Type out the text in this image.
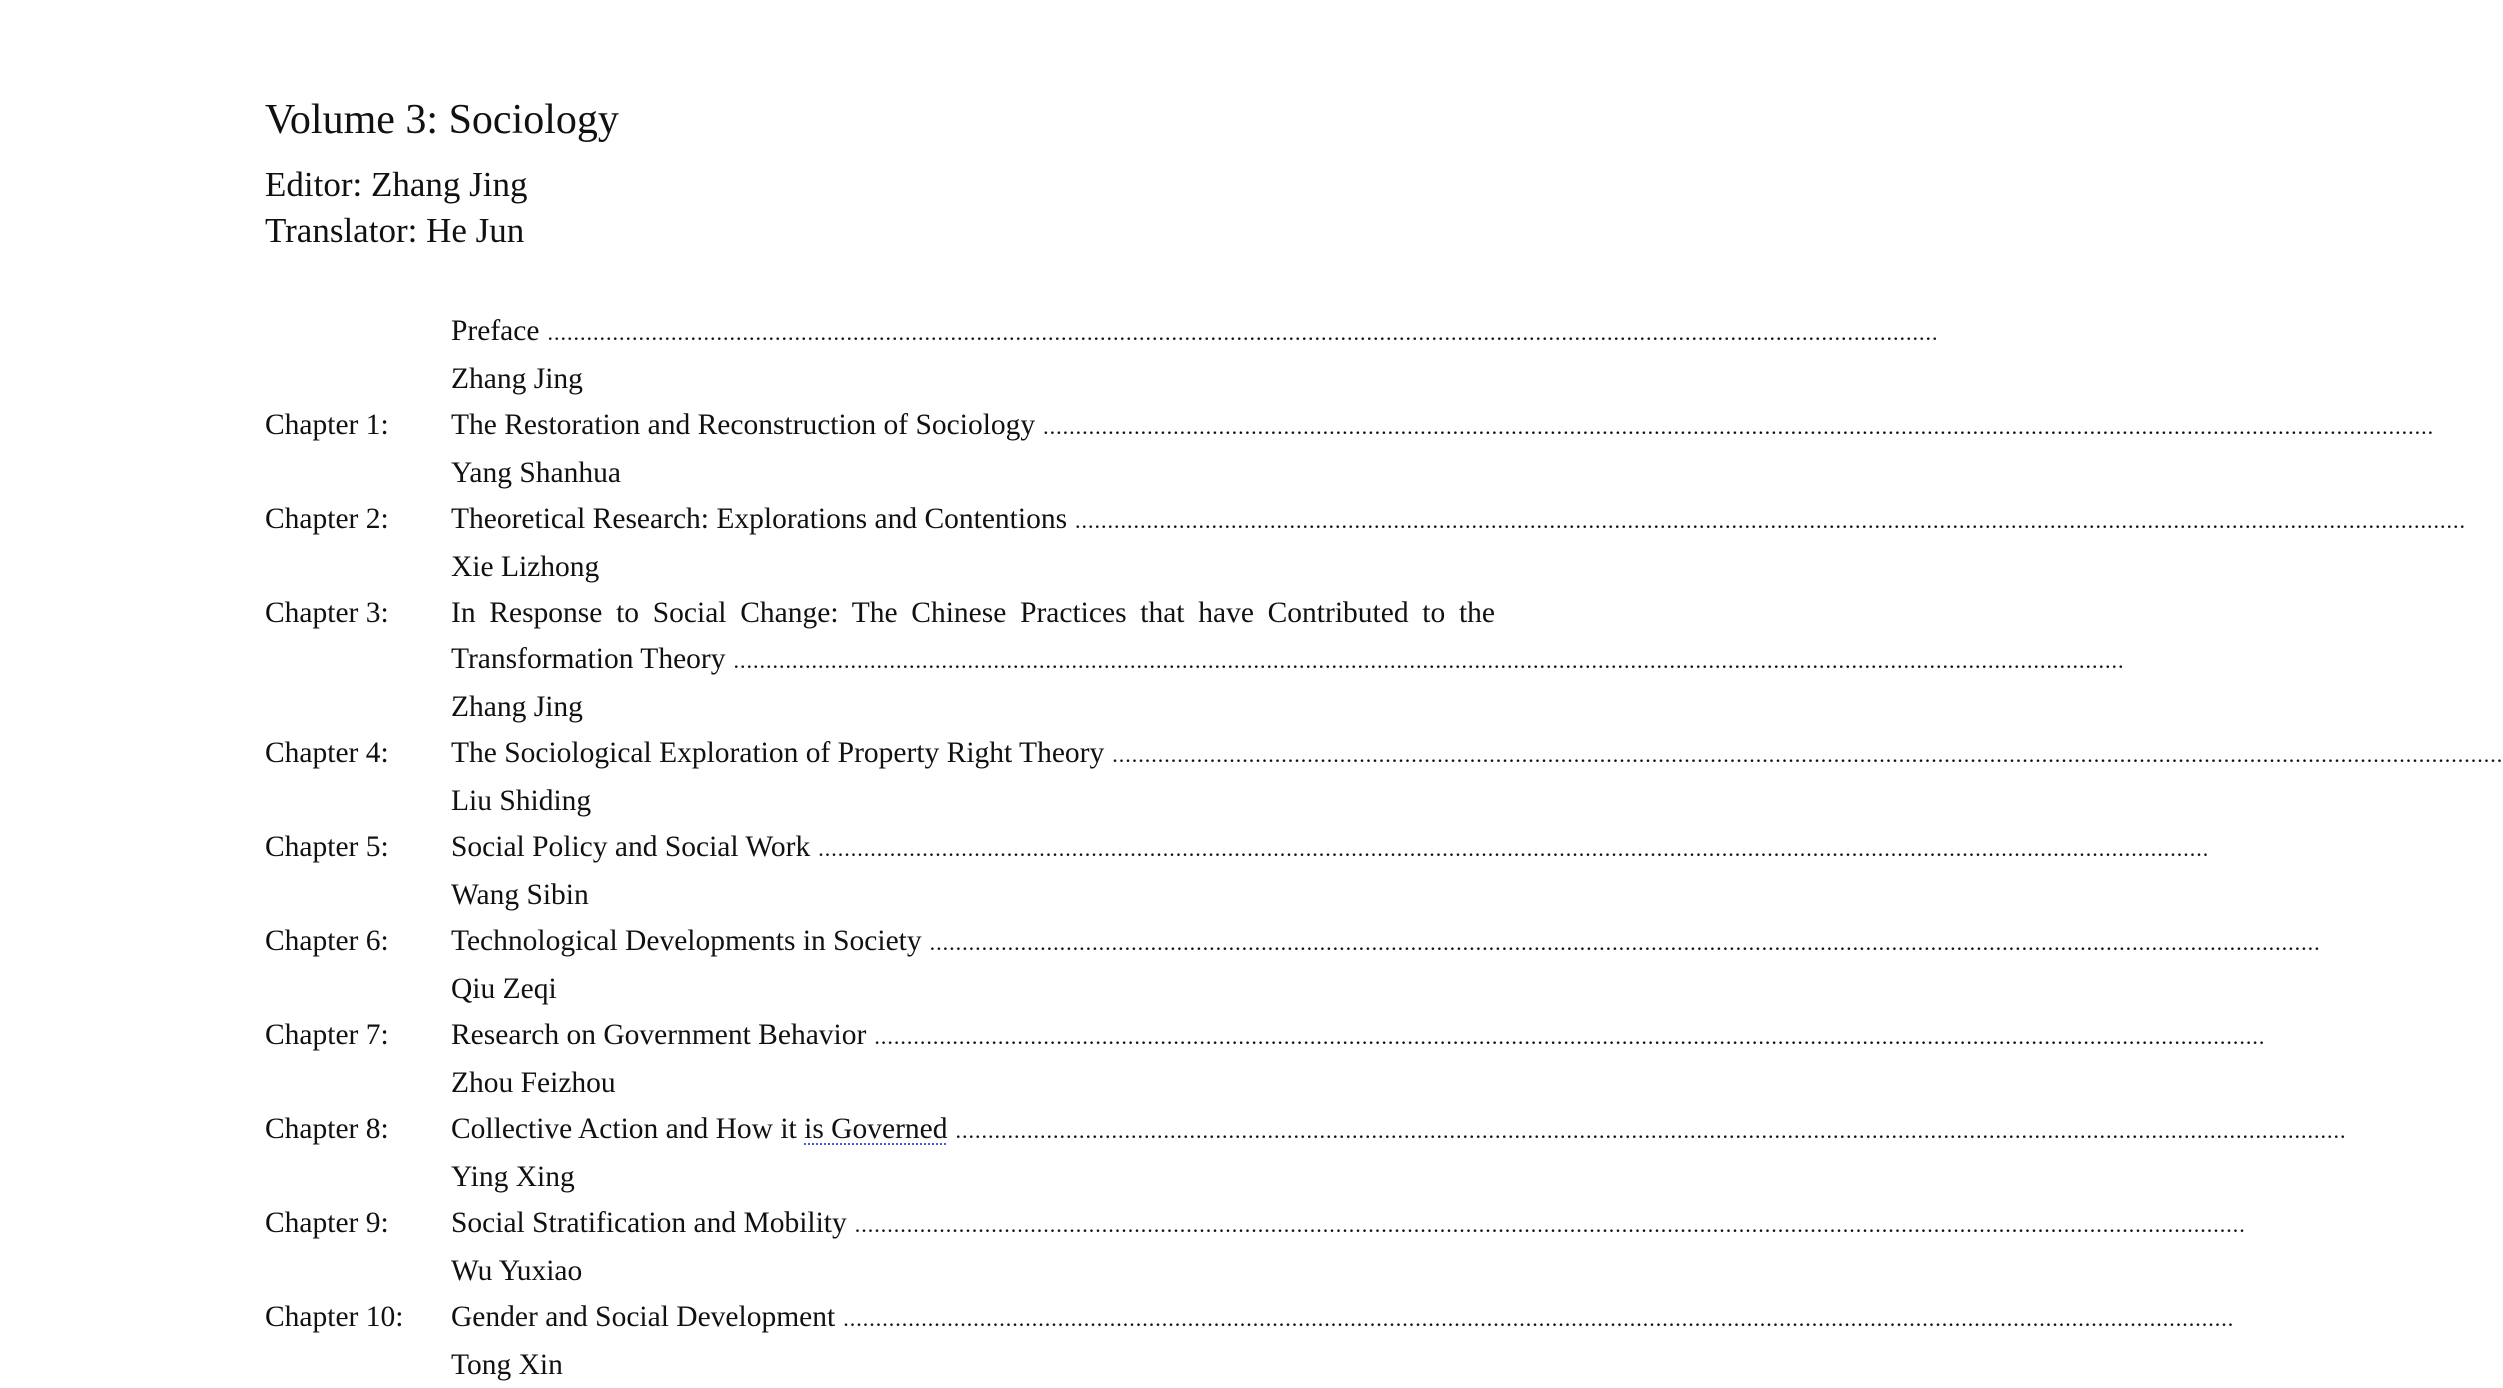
Volume 3: Sociology
Editor: Zhang Jing
Translator: He Jun
Preface ......................................................................................................................................................................................................................
Zhang Jing
Chapter 1:	The Restoration and Reconstruction of Sociology ......................................................................................................................................................................................................................
Yang Shanhua
Chapter 2:	Theoretical Research: Explorations and Contentions ......................................................................................................................................................................................................................
Xie Lizhong
Chapter 3:	In Response to Social Change: The Chinese Practices that have Contributed to the
Transformation Theory ......................................................................................................................................................................................................................
Zhang Jing
Chapter 4:	The Sociological Exploration of Property Right Theory ......................................................................................................................................................................................................................
Liu Shiding
Chapter 5:	Social Policy and Social Work ......................................................................................................................................................................................................................
Wang Sibin
Chapter 6:	Technological Developments in Society ......................................................................................................................................................................................................................
Qiu Zeqi
Chapter 7:	Research on Government Behavior ......................................................................................................................................................................................................................
Zhou Feizhou
Chapter 8:	Collective Action and How it is Governed ......................................................................................................................................................................................................................
Ying Xing
Chapter 9:	Social Stratification and Mobility ......................................................................................................................................................................................................................
Wu Yuxiao
Chapter 10:	Gender and Social Development ......................................................................................................................................................................................................................
Tong Xin
